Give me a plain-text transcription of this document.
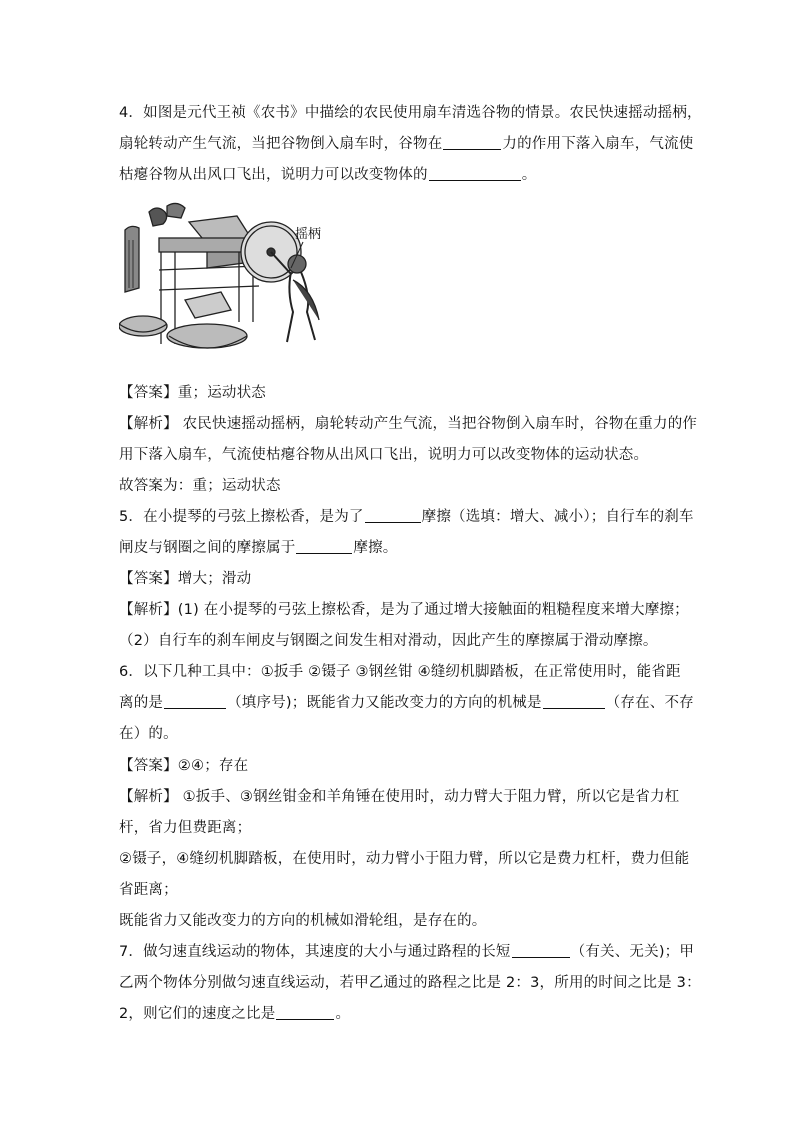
4．如图是元代王祯《农书》中描绘的农民使用扇车清选谷物的情景。农民快速摇动摇柄，
扇轮转动产生气流，当把谷物倒入扇车时，谷物在	力的作用下落入扇车，气流使
枯瘪谷物从出风口飞出，说明力可以改变物体的	。
摇柄
【答案】重；运动状态
【解析】 农民快速摇动摇柄，扇轮转动产生气流，当把谷物倒入扇车时，谷物在重力的作
用下落入扇车，气流使枯瘪谷物从出风口飞出，说明力可以改变物体的运动状态。
故答案为：重；运动状态
5．在小提琴的弓弦上擦松香，是为了	摩擦（选填：增大、减小）；自行车的刹车
闸皮与钢圈之间的摩擦属于	摩擦。
【答案】增大；滑动
【解析】(1) 在小提琴的弓弦上擦松香，是为了通过增大接触面的粗糙程度来增大摩擦；
（2）自行车的刹车闸皮与钢圈之间发生相对滑动，因此产生的摩擦属于滑动摩擦。
6．以下几种工具中：①扳手 ②镊子 ③钢丝钳 ④缝纫机脚踏板，在正常使用时，能省距
离的是	（填序号)；既能省力又能改变力的方向的机械是	（存在、不存
在）的。
【答案】②④；存在
【解析】 ①扳手、③钢丝钳金和羊角锤在使用时，动力臂大于阻力臂，所以它是省力杠
杆，省力但费距离；
②镊子，④缝纫机脚踏板，在使用时，动力臂小于阻力臂，所以它是费力杠杆，费力但能
省距离；
既能省力又能改变力的方向的机械如滑轮组，是存在的。
7．做匀速直线运动的物体，其速度的大小与通过路程的长短	（有关、无关)；甲
乙两个物体分别做匀速直线运动，若甲乙通过的路程之比是 2：3，所用的时间之比是 3：
2，则它们的速度之比是	。
